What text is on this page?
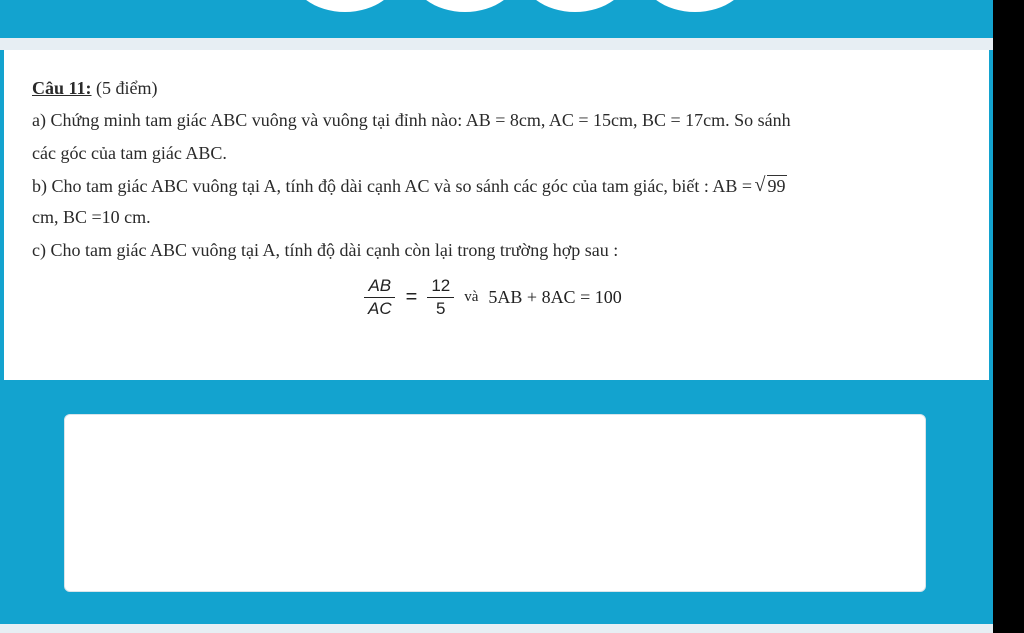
Câu 11: (5 điểm)
a) Chứng minh tam giác ABC vuông và vuông tại đỉnh nào: AB = 8cm, AC = 15cm, BC = 17cm. So sánh
các góc của tam giác ABC.
b) Cho tam giác ABC vuông tại A, tính độ dài cạnh AC và so sánh các góc của tam giác, biết : AB = √ 99
cm, BC =10 cm.
c) Cho tam giác ABC vuông tại A, tính độ dài cạnh còn lại trong trường hợp sau :
$\frac{AB}{AC} = \frac{12}{5}$ và 5AB + 8AC = 100
